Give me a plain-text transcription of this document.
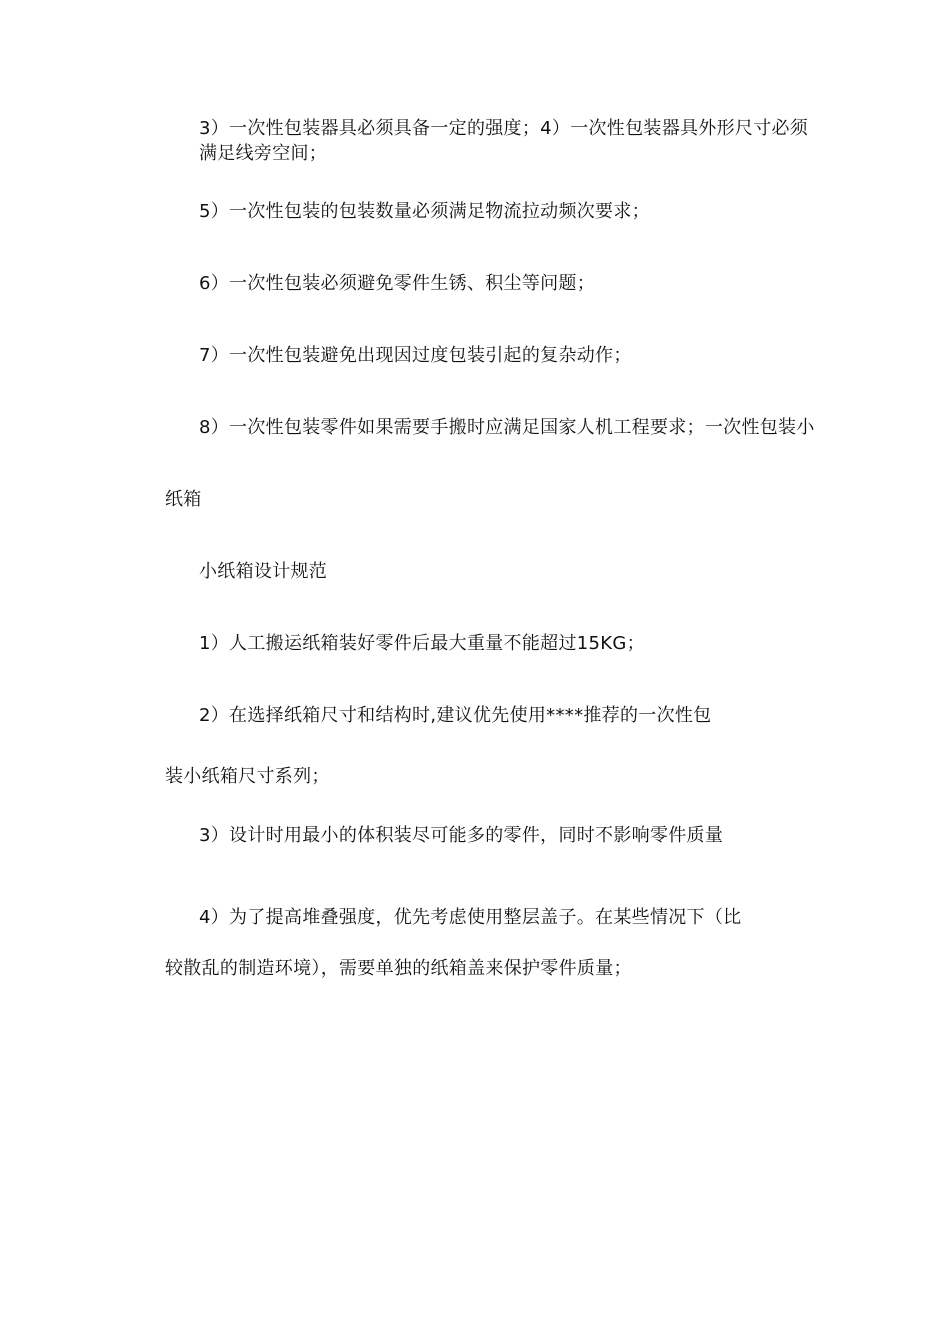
3）一次性包装器具必须具备一定的强度；4）一次性包装器具外形尺寸必须
满足线旁空间；
5）一次性包装的包装数量必须满足物流拉动频次要求；
6）一次性包装必须避免零件生锈、积尘等问题；
7）一次性包装避免出现因过度包装引起的复杂动作；
8）一次性包装零件如果需要手搬时应满足国家人机工程要求；一次性包装小
纸箱
小纸箱设计规范
1）人工搬运纸箱装好零件后最大重量不能超过15KG；
2）在选择纸箱尺寸和结构时,建议优先使用****推荐的一次性包
装小纸箱尺寸系列；
3）设计时用最小的体积装尽可能多的零件，同时不影响零件质量
4）为了提高堆叠强度，优先考虑使用整层盖子。在某些情况下（比
较散乱的制造环境），需要单独的纸箱盖来保护零件质量；
